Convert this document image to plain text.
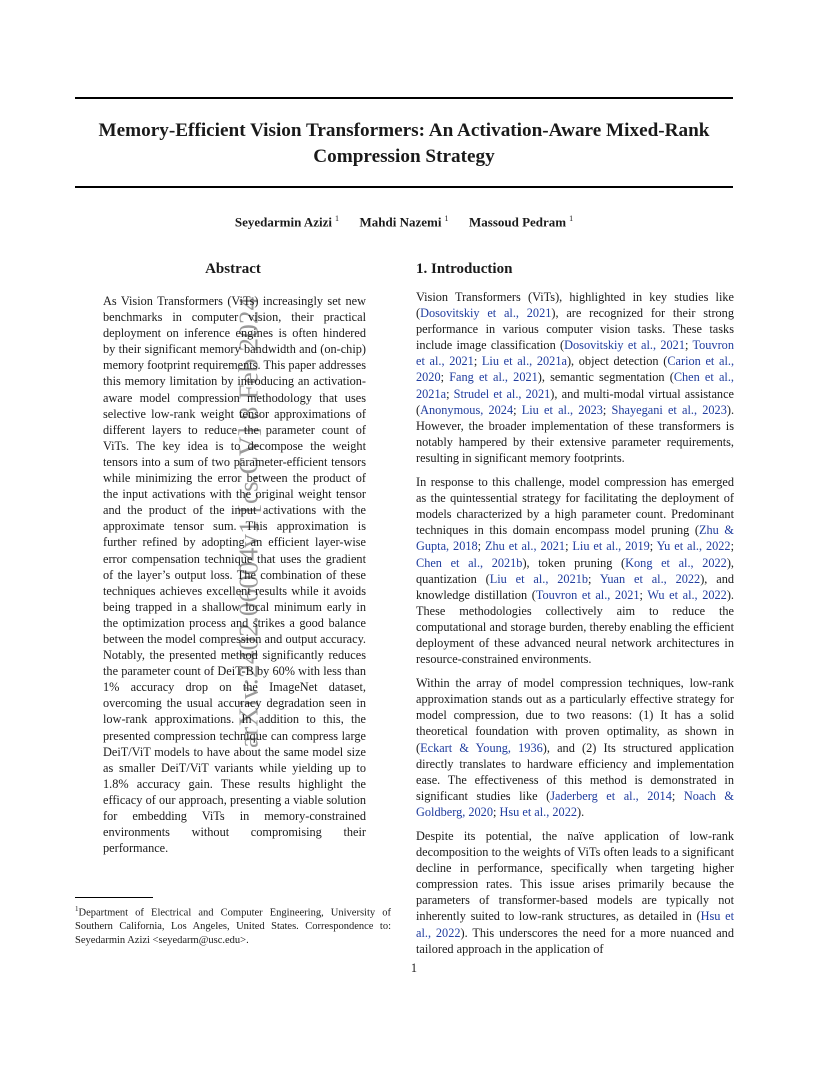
Memory-Efficient Vision Transformers: An Activation-Aware Mixed-Rank Compression Strategy
Seyedarmin Azizi $^1$ Mahdi Nazemi $^1$ Massoud Pedram $^1$
arXiv:2402.06004v1 [cs.CV] 8 Feb 2024
Abstract
As Vision Transformers (ViTs) increasingly set new benchmarks in computer vision, their practical deployment on inference engines is often hindered by their significant memory bandwidth and (on-chip) memory footprint requirements. This paper addresses this memory limitation by introducing an activation-aware model compression methodology that uses selective low-rank weight tensor approximations of different layers to reduce the parameter count of ViTs. The key idea is to decompose the weight tensors into a sum of two parameter-efficient tensors while minimizing the error between the product of the input activations with the original weight tensor and the product of the input activations with the approximate tensor sum. This approximation is further refined by adopting an efficient layer-wise error compensation technique that uses the gradient of the layer’s output loss. The combination of these techniques achieves excellent results while it avoids being trapped in a shallow local minimum early in the optimization process and strikes a good balance between the model compression and output accuracy. Notably, the presented method significantly reduces the parameter count of DeiT-B by 60% with less than 1% accuracy drop on the ImageNet dataset, overcoming the usual accuracy degradation seen in low-rank approximations. In addition to this, the presented compression technique can compress large DeiT/ViT models to have about the same model size as smaller DeiT/ViT variants while yielding up to 1.8% accuracy gain. These results highlight the efficacy of our approach, presenting a viable solution for embedding ViTs in memory-constrained environments without compromising their performance.
1. Introduction

Vision Transformers (ViTs), highlighted in key studies like (Dosovitskiy et al., 2021), are recognized for their strong performance in various computer vision tasks. These tasks include image classification (Dosovitskiy et al., 2021; Touvron et al., 2021; Liu et al., 2021a), object detection (Carion et al., 2020; Fang et al., 2021), semantic segmentation (Chen et al., 2021a; Strudel et al., 2021), and multi-modal virtual assistance (Anonymous, 2024; Liu et al., 2023; Shayegani et al., 2023). However, the broader implementation of these transformers is notably hampered by their extensive parameter requirements, resulting in significant memory footprints.

In response to this challenge, model compression has emerged as the quintessential strategy for facilitating the deployment of models characterized by a high parameter count. Predominant techniques in this domain encompass model pruning (Zhu & Gupta, 2018; Zhu et al., 2021; Liu et al., 2019; Yu et al., 2022; Chen et al., 2021b), token pruning (Kong et al., 2022), quantization (Liu et al., 2021b; Yuan et al., 2022), and knowledge distillation (Touvron et al., 2021; Wu et al., 2022). These methodologies collectively aim to reduce the computational and storage burden, thereby enabling the efficient deployment of these advanced neural network architectures in resource-constrained environments.

Within the array of model compression techniques, low-rank approximation stands out as a particularly effective strategy for model compression, due to two reasons: (1) It has a solid theoretical foundation with proven optimality, as shown in (Eckart & Young, 1936), and (2) Its structured application directly translates to hardware efficiency and implementation ease. The effectiveness of this method is demonstrated in significant studies like (Jaderberg et al., 2014; Noach & Goldberg, 2020; Hsu et al., 2022).

Despite its potential, the naïve application of low-rank decomposition to the weights of ViTs often leads to a significant decline in performance, specifically when targeting higher compression rates. This issue arises primarily because the parameters of transformer-based models are typically not inherently suited to low-rank structures, as detailed in (Hsu et al., 2022). This underscores the need for a more nuanced and tailored approach in the application of

$^1$Department of Electrical and Computer Engineering, University of Southern California, Los Angeles, United States. Correspondence to: Seyedarmin Azizi <seyedarm@usc.edu>.
1
